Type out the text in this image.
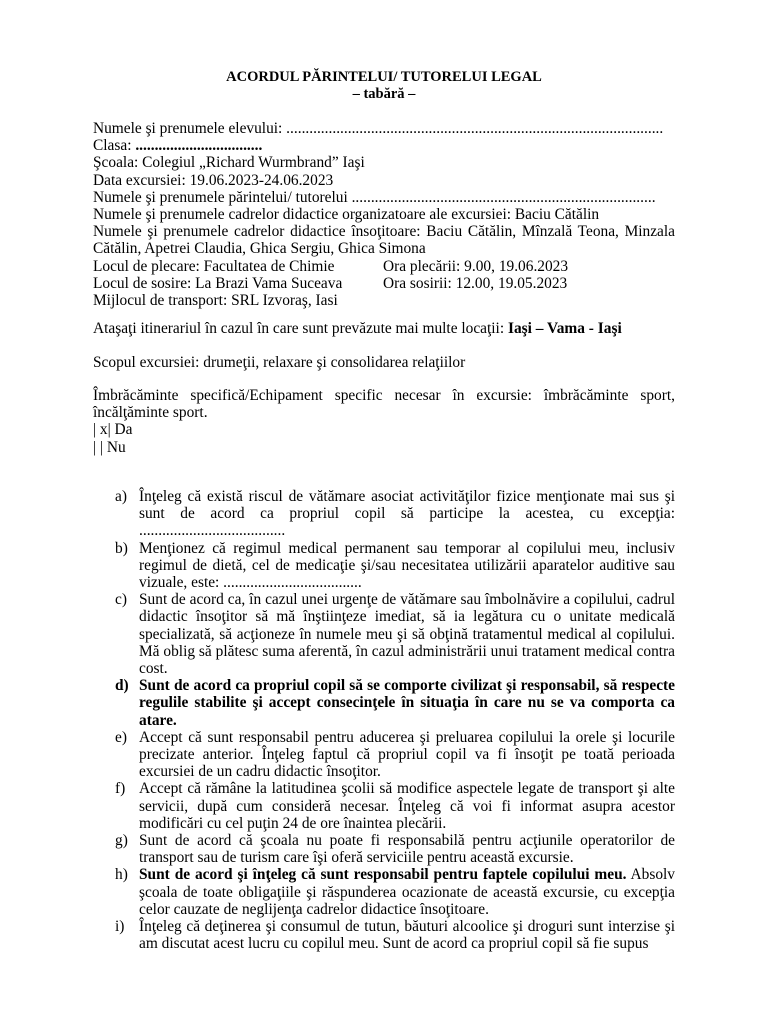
ACORDUL PĂRINTELUI/ TUTORELUI LEGAL
– tabără –

Numele şi prenumele elevului: ..................................................................................................

Clasa: .................................

Şcoala: Colegiul „Richard Wurmbrand” Iaşi

Data excursiei: 19.06.2023-24.06.2023

Numele şi prenumele părintelui/ tutorelui ...............................................................................

Numele şi prenumele cadrelor didactice organizatoare ale excursiei: Baciu Cătălin

Numele şi prenumele cadrelor didactice însoţitoare: Baciu Cătălin, Mînzală Teona, Minzala Cătălin, Apetrei Claudia, Ghica Sergiu, Ghica Simona

Locul de plecare: Facultatea de Chimie	Ora plecării: 9.00, 19.06.2023

Locul de sosire: La Brazi Vama Suceava	Ora sosirii: 12.00, 19.05.2023

Mijlocul de transport: SRL Izvoraş, Iasi

Ataşaţi itinerariul în cazul în care sunt prevăzute mai multe locaţii: Iaşi – Vama - Iaşi
Scopul excursiei: drumeţii, relaxare şi consolidarea relaţiilor

Îmbrăcăminte specifică/Echipament specific necesar în excursie: îmbrăcăminte sport, încălţăminte sport.

| x| Da

| | Nu

a) Înţeleg că există riscul de vătămare asociat activităţilor fizice menţionate mai sus şi sunt de acord ca propriul copil să participe la acestea, cu excepţia: ......................................
b) Menţionez că regimul medical permanent sau temporar al copilului meu, inclusiv regimul de dietă, cel de medicaţie şi/sau necesitatea utilizării aparatelor auditive sau vizuale, este: ....................................
c) Sunt de acord ca, în cazul unei urgenţe de vătămare sau îmbolnăvire a copilului, cadrul didactic însoţitor să mă înştiinţeze imediat, să ia legătura cu o unitate medicală specializată, să acţioneze în numele meu şi să obţină tratamentul medical al copilului. Mă oblig să plătesc suma aferentă, în cazul administrării unui tratament medical contra cost.
d) Sunt de acord ca propriul copil să se comporte civilizat şi responsabil, să respecte regulile stabilite şi accept consecinţele în situaţia în care nu se va comporta ca atare.
e) Accept că sunt responsabil pentru aducerea şi preluarea copilului la orele şi locurile precizate anterior. Înţeleg faptul că propriul copil va fi însoţit pe toată perioada excursiei de un cadru didactic însoţitor.
f) Accept că rămâne la latitudinea şcolii să modifice aspectele legate de transport şi alte servicii, după cum consideră necesar. Înţeleg că voi fi informat asupra acestor modificări cu cel puţin 24 de ore înaintea plecării.
g) Sunt de acord că şcoala nu poate fi responsabilă pentru acţiunile operatorilor de transport sau de turism care îşi oferă serviciile pentru această excursie.
h) Sunt de acord şi înţeleg că sunt responsabil pentru faptele copilului meu. Absolv şcoala de toate obligaţiile şi răspunderea ocazionate de această excursie, cu excepţia celor cauzate de neglijenţa cadrelor didactice însoţitoare.
i) Înţeleg că deţinerea şi consumul de tutun, băuturi alcoolice şi droguri sunt interzise şi am discutat acest lucru cu copilul meu. Sunt de acord ca propriul copil să fie supus
